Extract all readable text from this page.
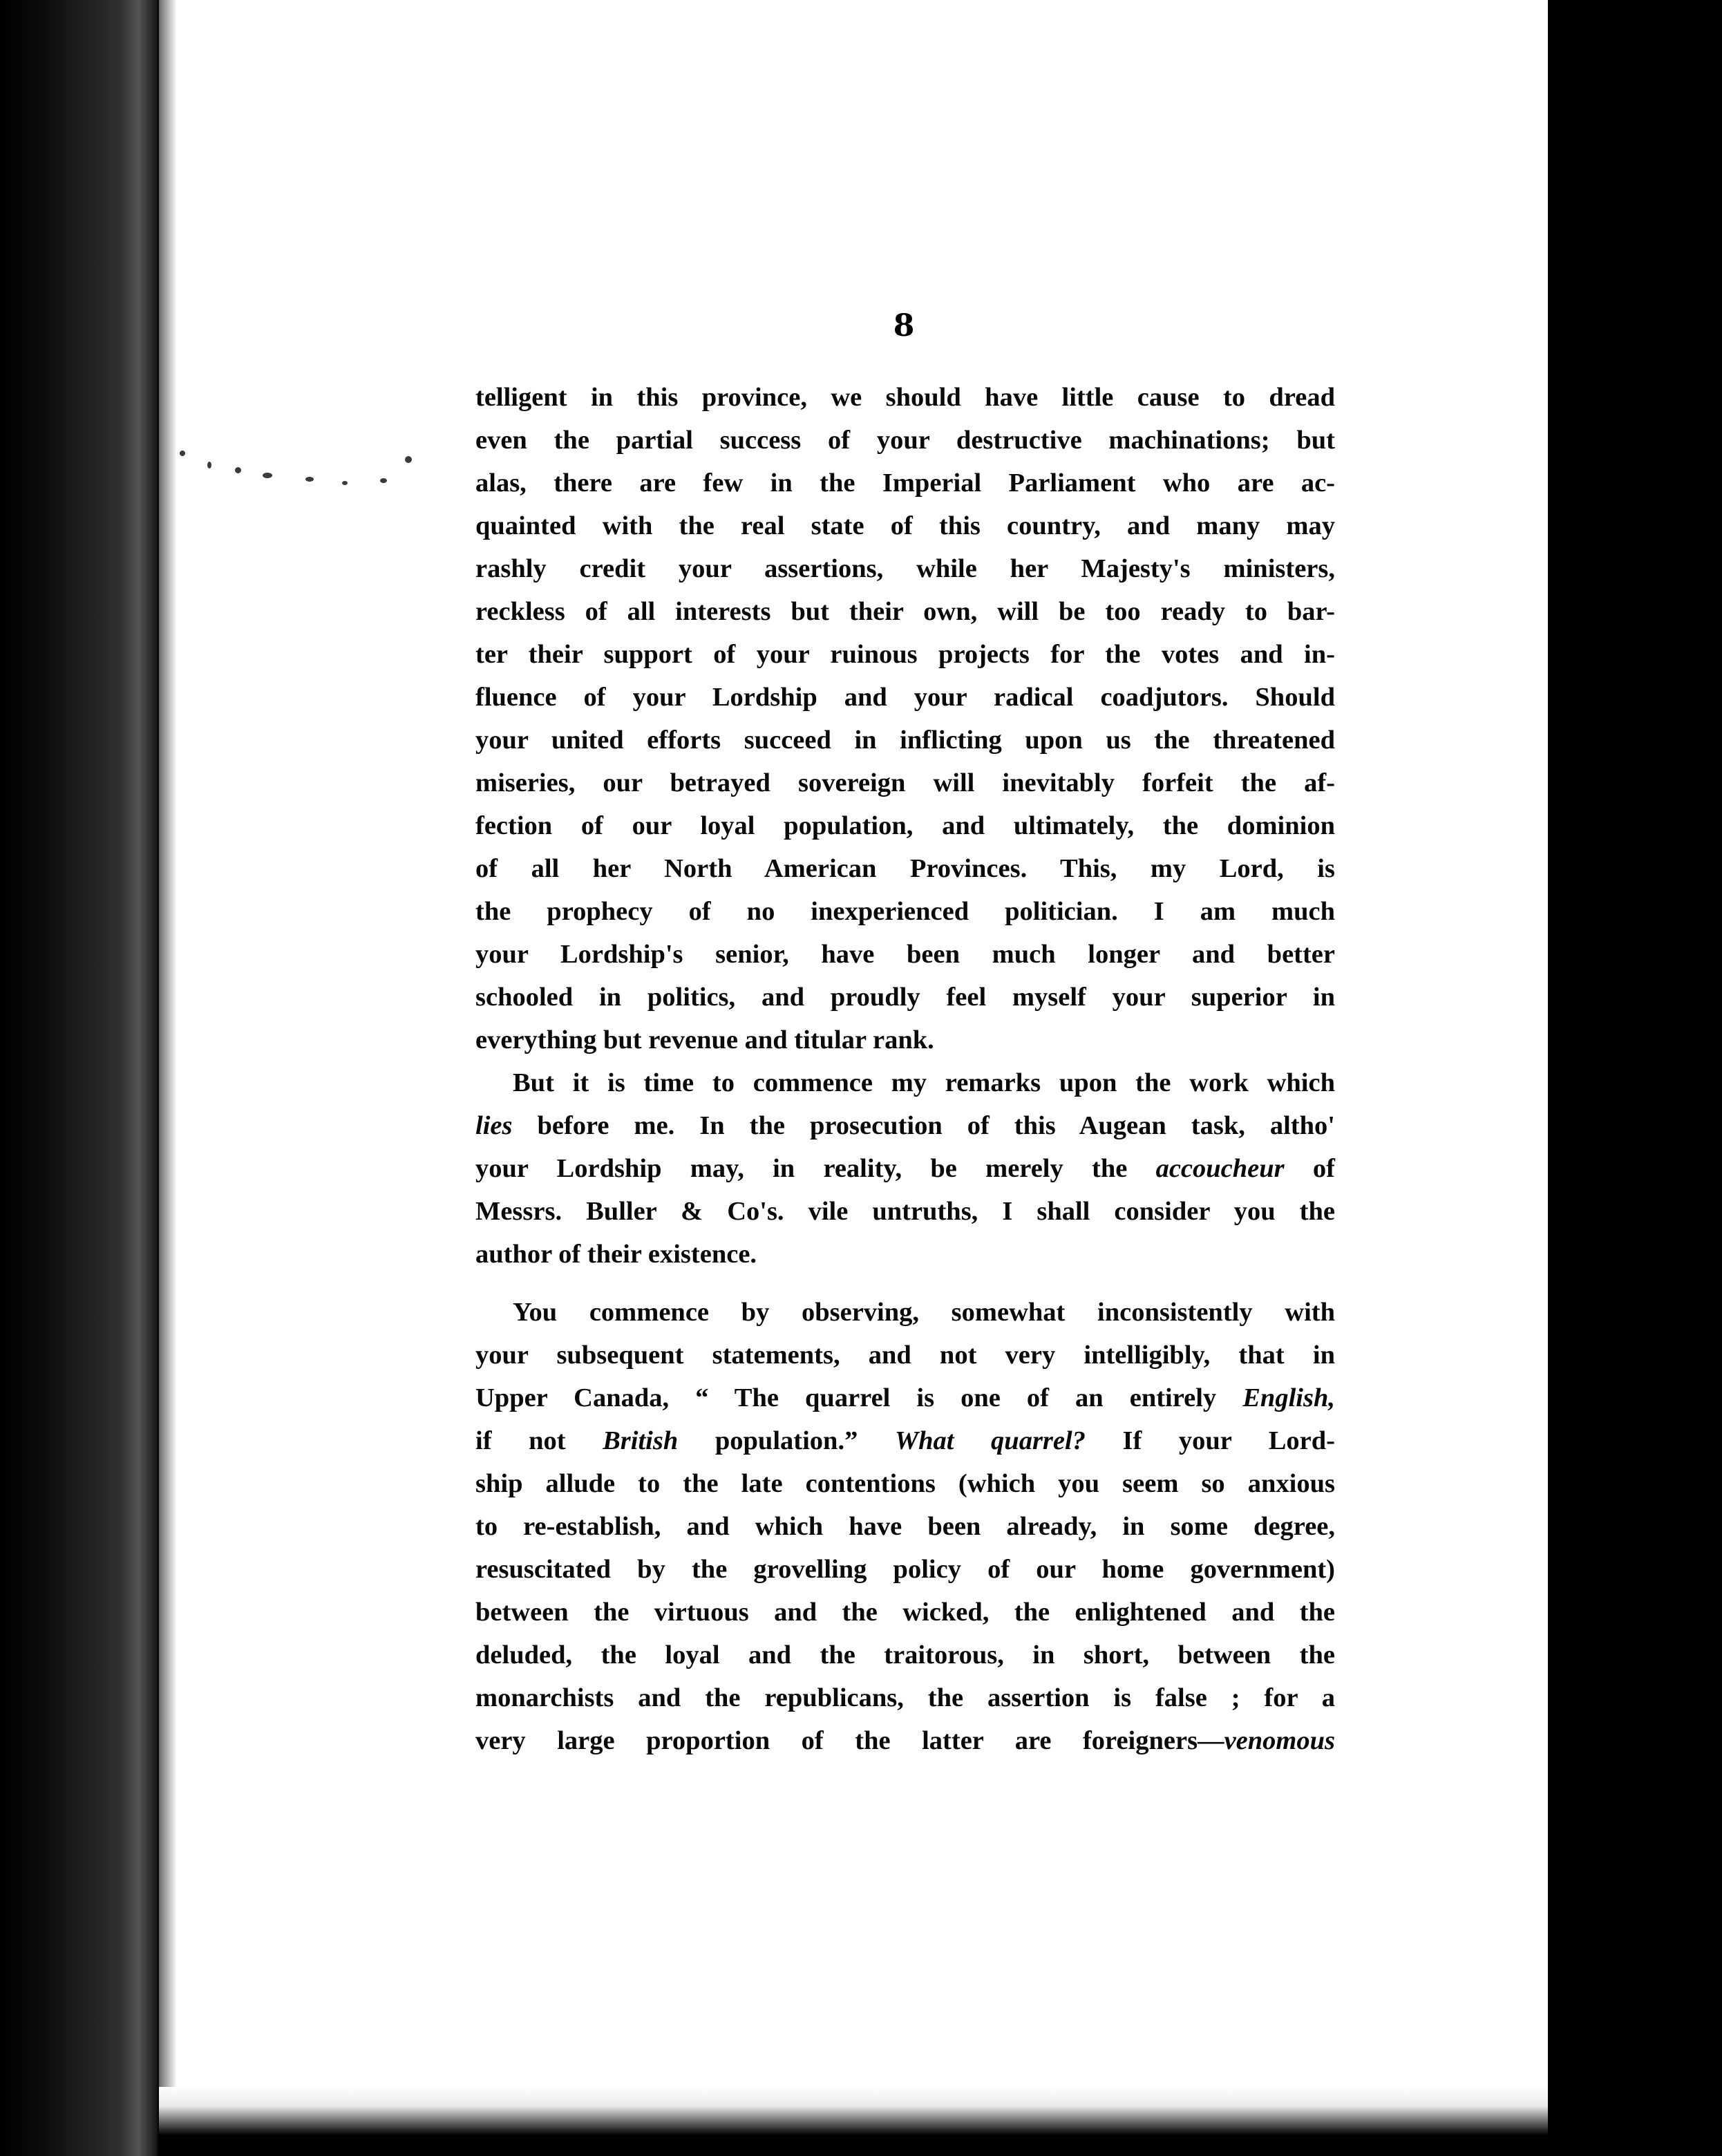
8
telligent in this province, we should have little cause to dread
even the partial success of your destructive machinations; but
alas, there are few in the Imperial Parliament who are ac-
quainted with the real state of this country, and many may
rashly credit your assertions, while her Majesty's ministers,
reckless of all interests but their own, will be too ready to bar-
ter their support of your ruinous projects for the votes and in-
fluence of your Lordship and your radical coadjutors. Should
your united efforts succeed in inflicting upon us the threatened
miseries, our betrayed sovereign will inevitably forfeit the af-
fection of our loyal population, and ultimately, the dominion
of all her North American Provinces. This, my Lord, is
the prophecy of no inexperienced politician. I am much
your Lordship's senior, have been much longer and better
schooled in politics, and proudly feel myself your superior in
everything but revenue and titular rank.
But it is time to commence my remarks upon the work which
lies before me. In the prosecution of this Augean task, altho'
your Lordship may, in reality, be merely the accoucheur of
Messrs. Buller & Co's. vile untruths, I shall consider you the
author of their existence.
You commence by observing, somewhat inconsistently with
your subsequent statements, and not very intelligibly, that in
Upper Canada, “ The quarrel is one of an entirely English,
if not British population.” What quarrel? If your Lord-
ship allude to the late contentions (which you seem so anxious
to re-establish, and which have been already, in some degree,
resuscitated by the grovelling policy of our home government)
between the virtuous and the wicked, the enlightened and the
deluded, the loyal and the traitorous, in short, between the
monarchists and the republicans, the assertion is false ; for a
very large proportion of the latter are foreigners—venomous
